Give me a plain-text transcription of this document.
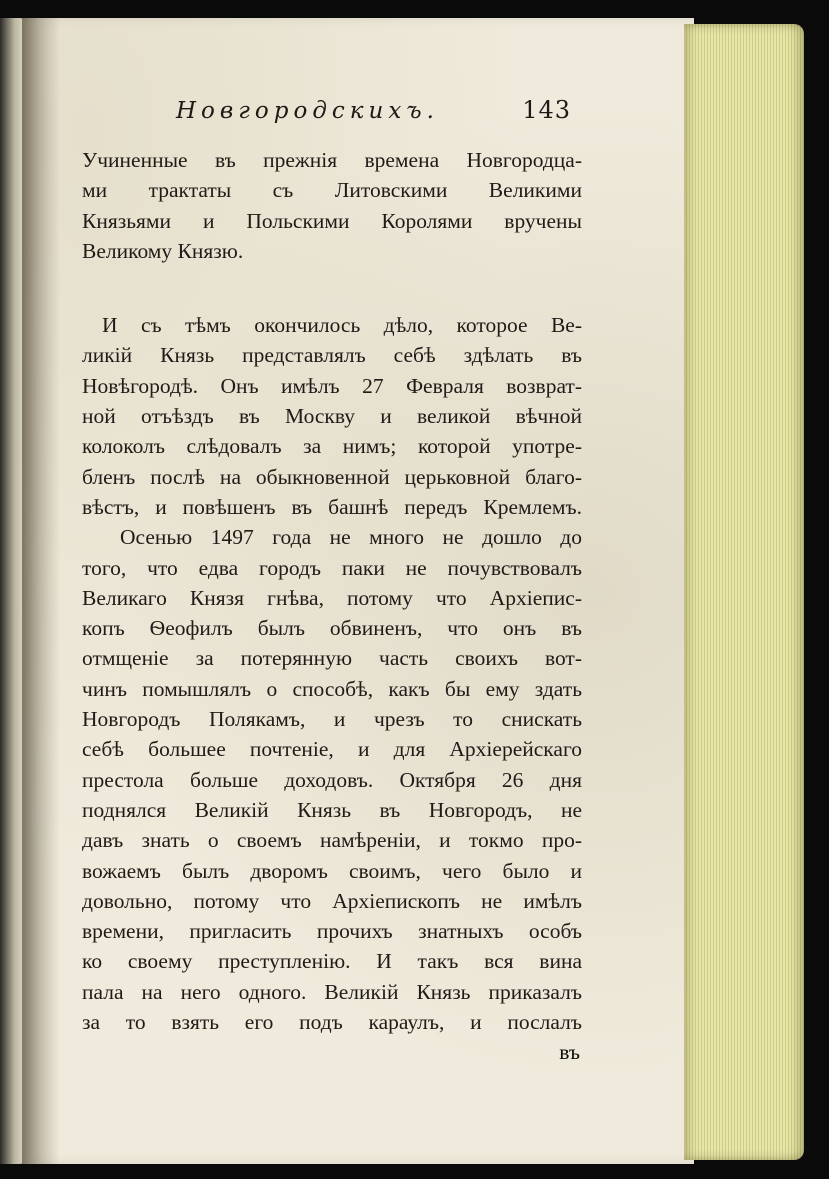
Новгородскихъ.	143
Учиненные въ прежнія времена Новгородца-
ми трактаты съ Литовскими Великими
Князьями и Польскими Королями вручены
Великому Князю.
И съ тѣмъ окончилось дѣло, которое Ве-
ликій Князь представлялъ себѣ здѣлать въ
Новѣгородѣ. Онъ имѣлъ 27 Февраля возврат-
ной отъѣздъ въ Москву и великой вѣчной
колоколъ слѣдовалъ за нимъ; которой употре-
бленъ послѣ на обыкновенной церьковной благо-
вѣстъ, и повѣшенъ въ башнѣ передъ Кремлемъ.
Осенью 1497 года не много не дошло до
того, что едва городъ паки не почувствовалъ
Великаго Князя гнѣва, потому что Архіепис-
копъ Ѳеофилъ былъ обвиненъ, что онъ въ
отмщеніе за потерянную часть своихъ вот-
чинъ помышлялъ о способѣ, какъ бы ему здать
Новгородъ Полякамъ, и чрезъ то снискать
себѣ большее почтеніе, и для Архіерейскаго
престола больше доходовъ. Октября 26 дня
поднялся Великій Князь въ Новгородъ, не
давъ знать о своемъ намѣреніи, и токмо про-
вожаемъ былъ дворомъ своимъ, чего было и
довольно, потому что Архіепископъ не имѣлъ
времени, пригласить прочихъ знатныхъ особъ
ко своему преступленію. И такъ вся вина
пала на него одного. Великій Князь приказалъ
за то взять его подъ караулъ, и послалъ
въ
